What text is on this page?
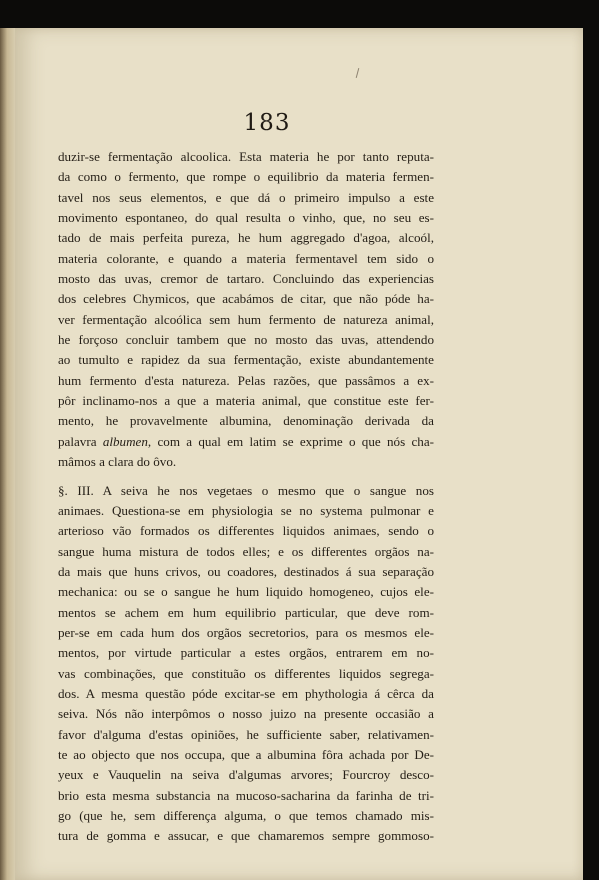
183
duzir-se fermentação alcoolica. Esta materia he por tanto reputa-
da como o fermento, que rompe o equilibrio da materia fermen-
tavel nos seus elementos, e que dá o primeiro impulso a este
movimento espontaneo, do qual resulta o vinho, que, no seu es-
tado de mais perfeita pureza, he hum aggregado d'agoa, alcoól,
materia colorante, e quando a materia fermentavel tem sido o
mosto das uvas, cremor de tartaro. Concluindo das experiencias
dos celebres Chymicos, que acabámos de citar, que não póde ha-
ver fermentação alcoólica sem hum fermento de natureza animal,
he forçoso concluir tambem que no mosto das uvas, attendendo
ao tumulto e rapidez da sua fermentação, existe abundantemente
hum fermento d'esta natureza. Pelas razões, que passâmos a ex-
pôr inclinamo-nos a que a materia animal, que constitue este fer-
mento, he provavelmente albumina, denominação derivada da
palavra albumen, com a qual em latim se exprime o que nós cha-
mâmos a clara do ôvo.
§. III. A seiva he nos vegetaes o mesmo que o sangue nos
animaes. Questiona-se em physiologia se no systema pulmonar e
arterioso vão formados os differentes liquidos animaes, sendo o
sangue huma mistura de todos elles; e os differentes orgãos na-
da mais que huns crivos, ou coadores, destinados á sua separação
mechanica: ou se o sangue he hum liquido homogeneo, cujos ele-
mentos se achem em hum equilibrio particular, que deve rom-
per-se em cada hum dos orgãos secretorios, para os mesmos ele-
mentos, por virtude particular a estes orgãos, entrarem em no-
vas combinações, que constituão os differentes liquidos segrega-
dos. A mesma questão póde excitar-se em phythologia á cêrca da
seiva. Nós não interpômos o nosso juizo na presente occasião a
favor d'alguma d'estas opiniões, he sufficiente saber, relativamen-
te ao objecto que nos occupa, que a albumina fôra achada por De-
yeux e Vauquelin na seiva d'algumas arvores; Fourcroy desco-
brio esta mesma substancia na mucoso-sacharina da farinha de tri-
go (que he, sem differença alguma, o que temos chamado mis-
tura de gomma e assucar, e que chamaremos sempre gommoso-
